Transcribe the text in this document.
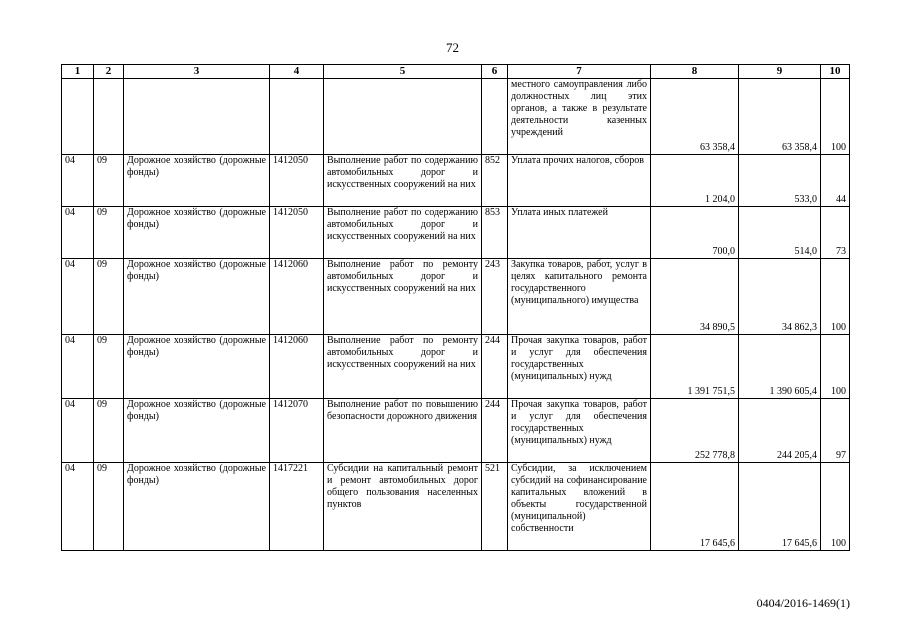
72
1	2	3	4	5	6	7	8	9	10
						местного самоуправления либо должностных лиц этих органов, а также в результате деятельности казенных учреждений	63 358,4	63 358,4	100
04	09	Дорожное хозяйство (дорожные фонды)	1412050	Выполнение работ по содержанию автомобильных дорог и искусственных сооружений на них	852	Уплата прочих налогов, сборов	1 204,0	533,0	44
04	09	Дорожное хозяйство (дорожные фонды)	1412050	Выполнение работ по содержанию автомобильных дорог и искусственных сооружений на них	853	Уплата иных платежей	700,0	514,0	73
04	09	Дорожное хозяйство (дорожные фонды)	1412060	Выполнение работ по ремонту автомобильных дорог и искусственных сооружений на них	243	Закупка товаров, работ, услуг в целях капитального ремонта государственного (муниципального) имущества	34 890,5	34 862,3	100
04	09	Дорожное хозяйство (дорожные фонды)	1412060	Выполнение работ по ремонту автомобильных дорог и искусственных сооружений на них	244	Прочая закупка товаров, работ и услуг для обеспечения государственных (муниципальных) нужд	1 391 751,5	1 390 605,4	100
04	09	Дорожное хозяйство (дорожные фонды)	1412070	Выполнение работ по повышению безопасности дорожного движения	244	Прочая закупка товаров, работ и услуг для обеспечения государственных (муниципальных) нужд	252 778,8	244 205,4	97
04	09	Дорожное хозяйство (дорожные фонды)	1417221	Субсидии на капитальный ремонт и ремонт автомобильных дорог общего пользования населенных пунктов	521	Субсидии, за исключением субсидий на софинансирование капитальных вложений в объекты государственной (муниципальной) собственности	17 645,6	17 645,6	100
0404/2016-1469(1)
